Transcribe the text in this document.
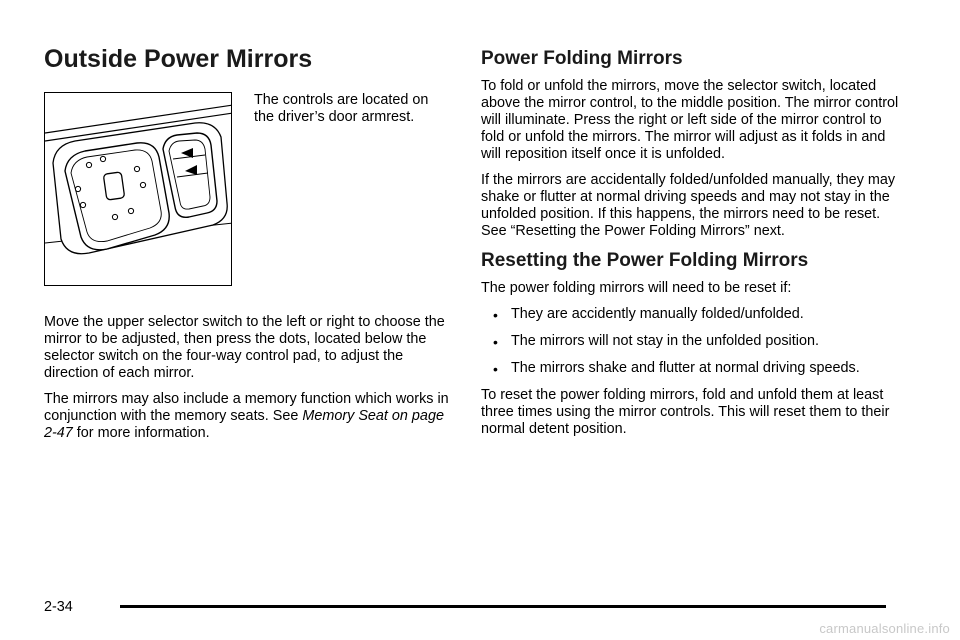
Outside Power Mirrors
The controls are located on the driver’s door armrest.

Move the upper selector switch to the left or right to choose the mirror to be adjusted, then press the dots, located below the selector switch on the four-way control pad, to adjust the direction of each mirror.

The mirrors may also include a memory function which works in conjunction with the memory seats. See Memory Seat on page 2-47 for more information.

Power Folding Mirrors

To fold or unfold the mirrors, move the selector switch, located above the mirror control, to the middle position. The mirror control will illuminate. Press the right or left side of the mirror control to fold or unfold the mirrors. The mirror will adjust as it folds in and will reposition itself once it is unfolded.

If the mirrors are accidentally folded/unfolded manually, they may shake or flutter at normal driving speeds and may not stay in the unfolded position. If this happens, the mirrors need to be reset. See “Resetting the Power Folding Mirrors” next.

Resetting the Power Folding Mirrors

The power folding mirrors will need to be reset if:

• They are accidently manually folded/unfolded.
• The mirrors will not stay in the unfolded position.
• The mirrors shake and flutter at normal driving speeds.

To reset the power folding mirrors, fold and unfold them at least three times using the mirror controls. This will reset them to their normal detent position.

2-34
carmanualsonline.info
